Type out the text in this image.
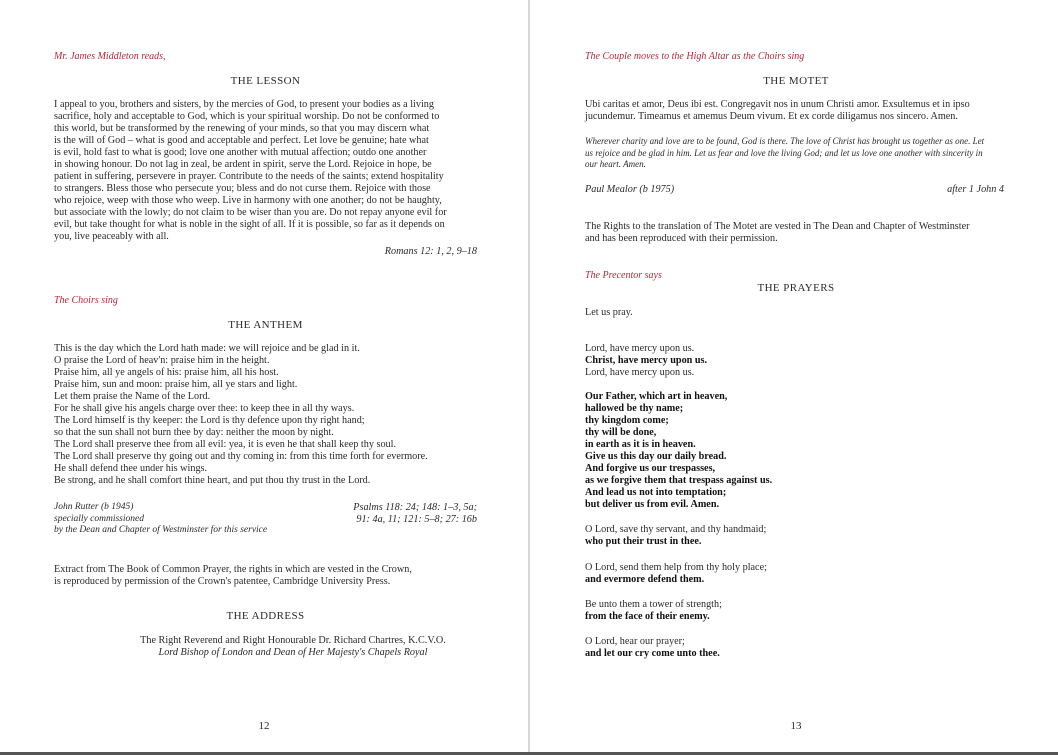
Mr. James Middleton reads,
THE LESSON
I appeal to you, brothers and sisters, by the mercies of God, to present your bodies as a living
sacrifice, holy and acceptable to God, which is your spiritual worship. Do not be conformed to
this world, but be transformed by the renewing of your minds, so that you may discern what
is the will of God – what is good and acceptable and perfect. Let love be genuine; hate what
is evil, hold fast to what is good; love one another with mutual affection; outdo one another
in showing honour. Do not lag in zeal, be ardent in spirit, serve the Lord. Rejoice in hope, be
patient in suffering, persevere in prayer. Contribute to the needs of the saints; extend hospitality
to strangers. Bless those who persecute you; bless and do not curse them. Rejoice with those
who rejoice, weep with those who weep. Live in harmony with one another; do not be haughty,
but associate with the lowly; do not claim to be wiser than you are. Do not repay anyone evil for
evil, but take thought for what is noble in the sight of all. If it is possible, so far as it depends on
you, live peaceably with all.
Romans 12: 1, 2, 9–18
The Choirs sing
THE ANTHEM
This is the day which the Lord hath made: we will rejoice and be glad in it.
O praise the Lord of heav'n: praise him in the height.
Praise him, all ye angels of his: praise him, all his host.
Praise him, sun and moon: praise him, all ye stars and light.
Let them praise the Name of the Lord.
For he shall give his angels charge over thee: to keep thee in all thy ways.
The Lord himself is thy keeper: the Lord is thy defence upon thy right hand;
so that the sun shall not burn thee by day: neither the moon by night.
The Lord shall preserve thee from all evil: yea, it is even he that shall keep thy soul.
The Lord shall preserve thy going out and thy coming in: from this time forth for evermore.
He shall defend thee under his wings.
Be strong, and he shall comfort thine heart, and put thou thy trust in the Lord.
John Rutter (b 1945)
specially commissioned
by the Dean and Chapter of Westminster for this service
Psalms 118: 24; 148: 1–3, 5a;
91: 4a, 11; 121: 5–8; 27: 16b
Extract from The Book of Common Prayer, the rights in which are vested in the Crown,
is reproduced by permission of the Crown's patentee, Cambridge University Press.
THE ADDRESS
The Right Reverend and Right Honourable Dr. Richard Chartres, K.C.V.O.
Lord Bishop of London and Dean of Her Majesty's Chapels Royal
12
The Couple moves to the High Altar as the Choirs sing
THE MOTET
Ubi caritas et amor, Deus ibi est. Congregavit nos in unum Christi amor. Exsultemus et in ipso
jucundemur. Timeamus et amemus Deum vivum. Et ex corde diligamus nos sincero. Amen.
Wherever charity and love are to be found, God is there. The love of Christ has brought us together as one. Let
us rejoice and be glad in him. Let us fear and love the living God; and let us love one another with sincerity in
our heart. Amen.
Paul Mealor (b 1975)	after 1 John 4
The Rights to the translation of The Motet are vested in The Dean and Chapter of Westminster
and has been reproduced with their permission.
The Precentor says
THE PRAYERS
Let us pray.
Lord, have mercy upon us.
Christ, have mercy upon us.
Lord, have mercy upon us.
Our Father, which art in heaven,
hallowed be thy name;
thy kingdom come;
thy will be done,
in earth as it is in heaven.
Give us this day our daily bread.
And forgive us our trespasses,
as we forgive them that trespass against us.
And lead us not into temptation;
but deliver us from evil. Amen.
O Lord, save thy servant, and thy handmaid;
who put their trust in thee.
O Lord, send them help from thy holy place;
and evermore defend them.
Be unto them a tower of strength;
from the face of their enemy.
O Lord, hear our prayer;
and let our cry come unto thee.
13
